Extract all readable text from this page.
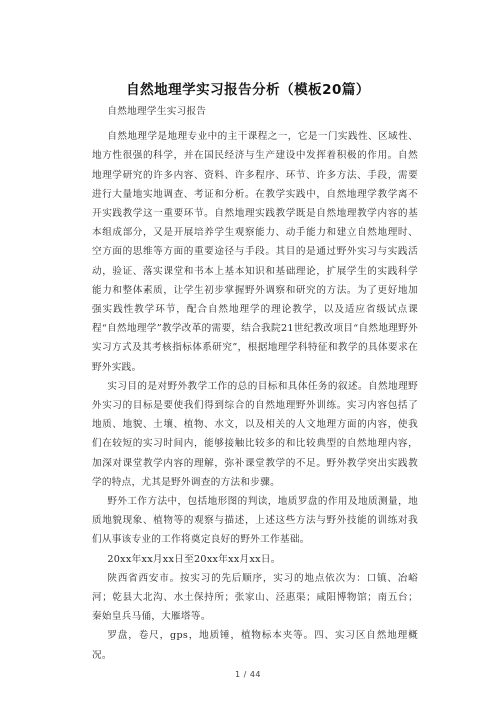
自然地理学实习报告分析（模板20篇）

自然地理学生实习报告

自然地理学是地理专业中的主干课程之一，它是一门实践性、区域性、地方性很强的科学，并在国民经济与生产建设中发挥着积极的作用。自然地理学研究的许多内容、资料、许多程序、环节、许多方法、手段，需要进行大量地实地调查、考证和分析。在教学实践中，自然地理学教学离不开实践教学这一重要环节。自然地理实践教学既是自然地理教学内容的基本组成部分，又是开展培养学生观察能力、动手能力和建立自然地理时、空方面的思维等方面的重要途径与手段。其目的是通过野外实习与实践活动，验证、落实课堂和书本上基本知识和基础理论，扩展学生的实践科学能力和整体素质，让学生初步掌握野外调察和研究的方法。为了更好地加强实践性教学环节，配合自然地理学的理论教学，以及适应省级试点课程“自然地理学”教学改革的需要，结合我院21世纪教改项目“自然地理野外实习方式及其考核指标体系研究”，根据地理学科特征和教学的具体要求在野外实践。

实习目的是对野外教学工作的总的目标和具体任务的叙述。自然地理野外实习的目标是要使我们得到综合的自然地理野外训练。实习内容包括了地质、地貌、土壤、植物、水文，以及相关的人文地理方面的内容，使我们在较短的实习时间内，能够接触比较多的和比较典型的自然地理内容，加深对课堂教学内容的理解，弥补课堂教学的不足。野外教学突出实践教学的特点，尤其是野外调查的方法和步骤。

野外工作方法中，包括地形图的判读，地质罗盘的作用及地质测量，地质地貌现象、植物等的观察与描述，上述这些方法与野外技能的训练对我们从事该专业的工作将奠定良好的野外工作基础。

20xx年xx月xx日至20xx年xx月xx日。

陕西省西安市。按实习的先后顺序，实习的地点依次为：口镇、冶峪河；乾县大北沟、水土保持所；张家山、泾惠渠；咸阳博物馆；南五台；秦始皇兵马俑，大雁塔等。

罗盘，卷尺，gps，地质锤，植物标本夹等。四、实习区自然地理概况。

1 / 44
